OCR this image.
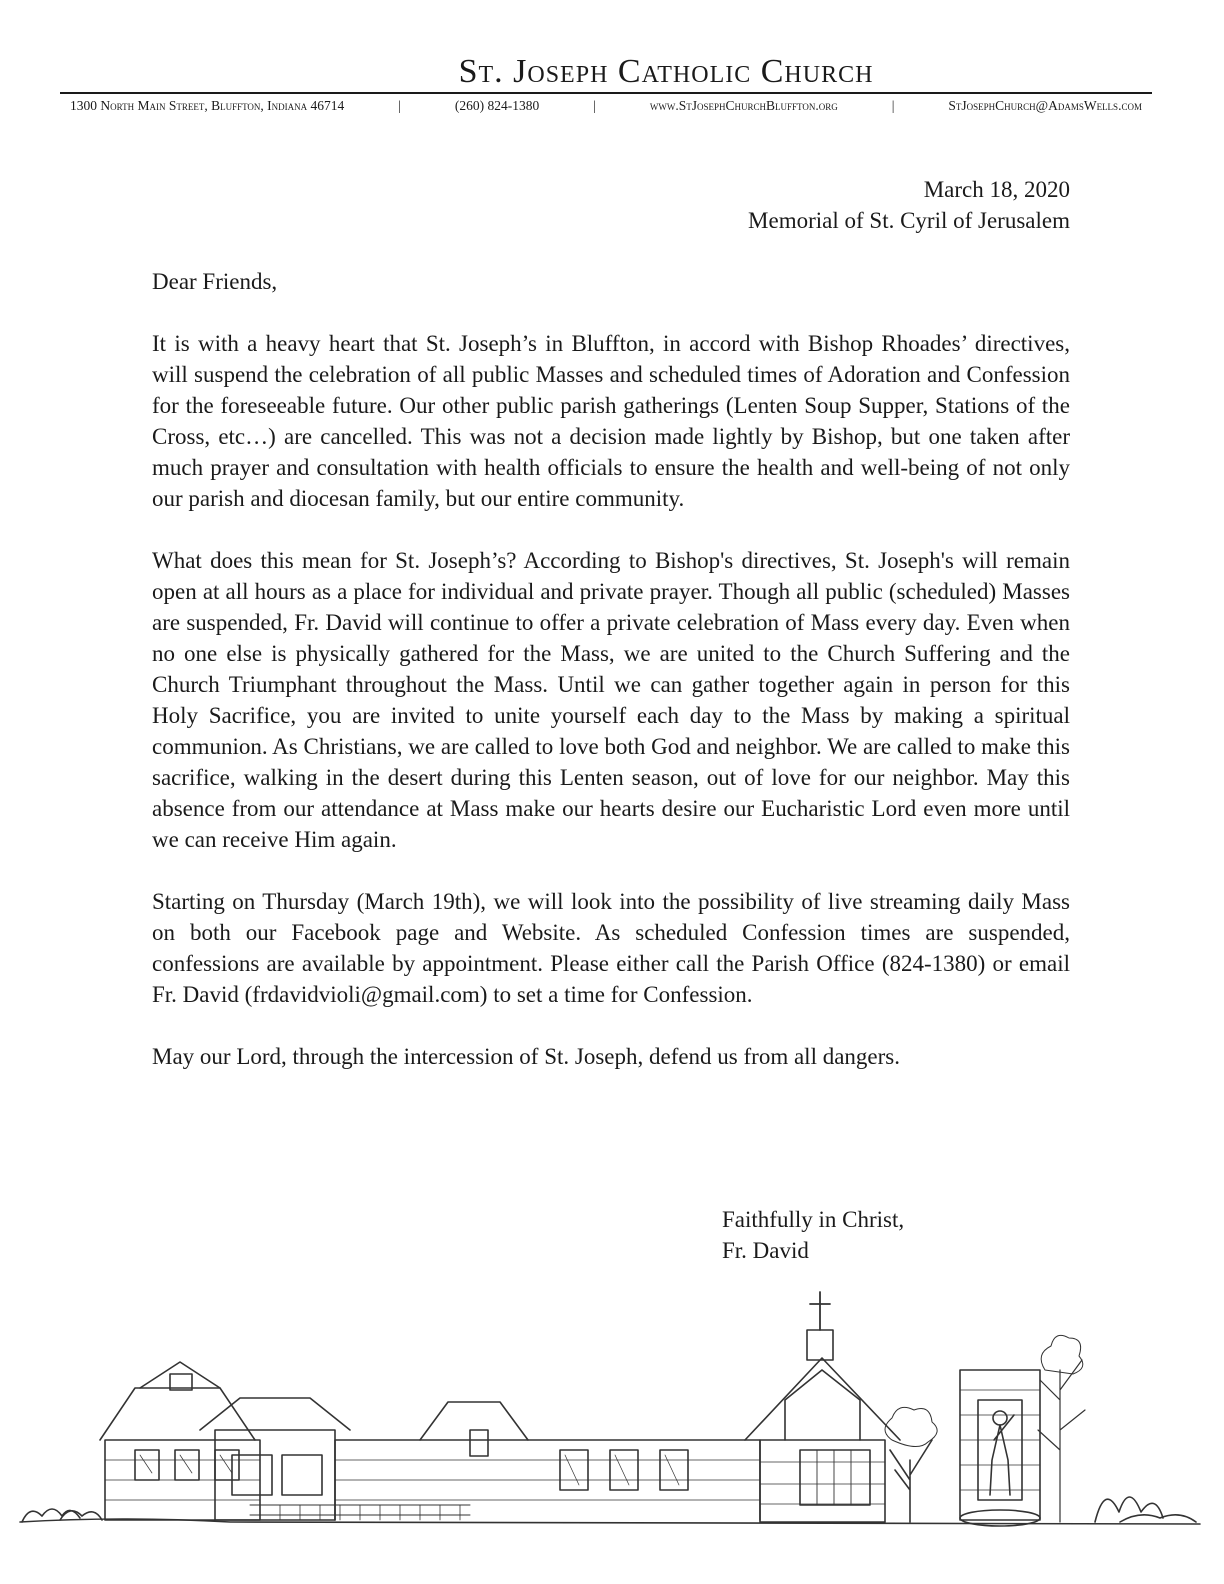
St. Joseph Catholic Church
1300 North Main Street, Bluffton, Indiana 46714	|	(260) 824-1380	|	www.StJosephChurchBluffton.org	|	StJosephChurch@AdamsWells.com
March 18, 2020
Memorial of St. Cyril of Jerusalem

Dear Friends,

It is with a heavy heart that St. Joseph’s in Bluffton, in accord with Bishop Rhoades’ directives, will suspend the celebration of all public Masses and scheduled times of Adoration and Confession for the foreseeable future. Our other public parish gatherings (Lenten Soup Supper, Stations of the Cross, etc…) are cancelled. This was not a decision made lightly by Bishop, but one taken after much prayer and consultation with health officials to ensure the health and well-being of not only our parish and diocesan family, but our entire community.

What does this mean for St. Joseph’s? According to Bishop's directives, St. Joseph's will remain open at all hours as a place for individual and private prayer. Though all public (scheduled) Masses are suspended, Fr. David will continue to offer a private celebration of Mass every day. Even when no one else is physically gathered for the Mass, we are united to the Church Suffering and the Church Triumphant throughout the Mass. Until we can gather together again in person for this Holy Sacrifice, you are invited to unite yourself each day to the Mass by making a spiritual communion. As Christians, we are called to love both God and neighbor. We are called to make this sacrifice, walking in the desert during this Lenten season, out of love for our neighbor. May this absence from our attendance at Mass make our hearts desire our Eucharistic Lord even more until we can receive Him again.

Starting on Thursday (March 19th), we will look into the possibility of live streaming daily Mass on both our Facebook page and Website. As scheduled Confession times are suspended, confessions are available by appointment. Please either call the Parish Office (824-1380) or email Fr. David (frdavidvioli@gmail.com) to set a time for Confession.

May our Lord, through the intercession of St. Joseph, defend us from all dangers.

Faithfully in Christ,
Fr. David
